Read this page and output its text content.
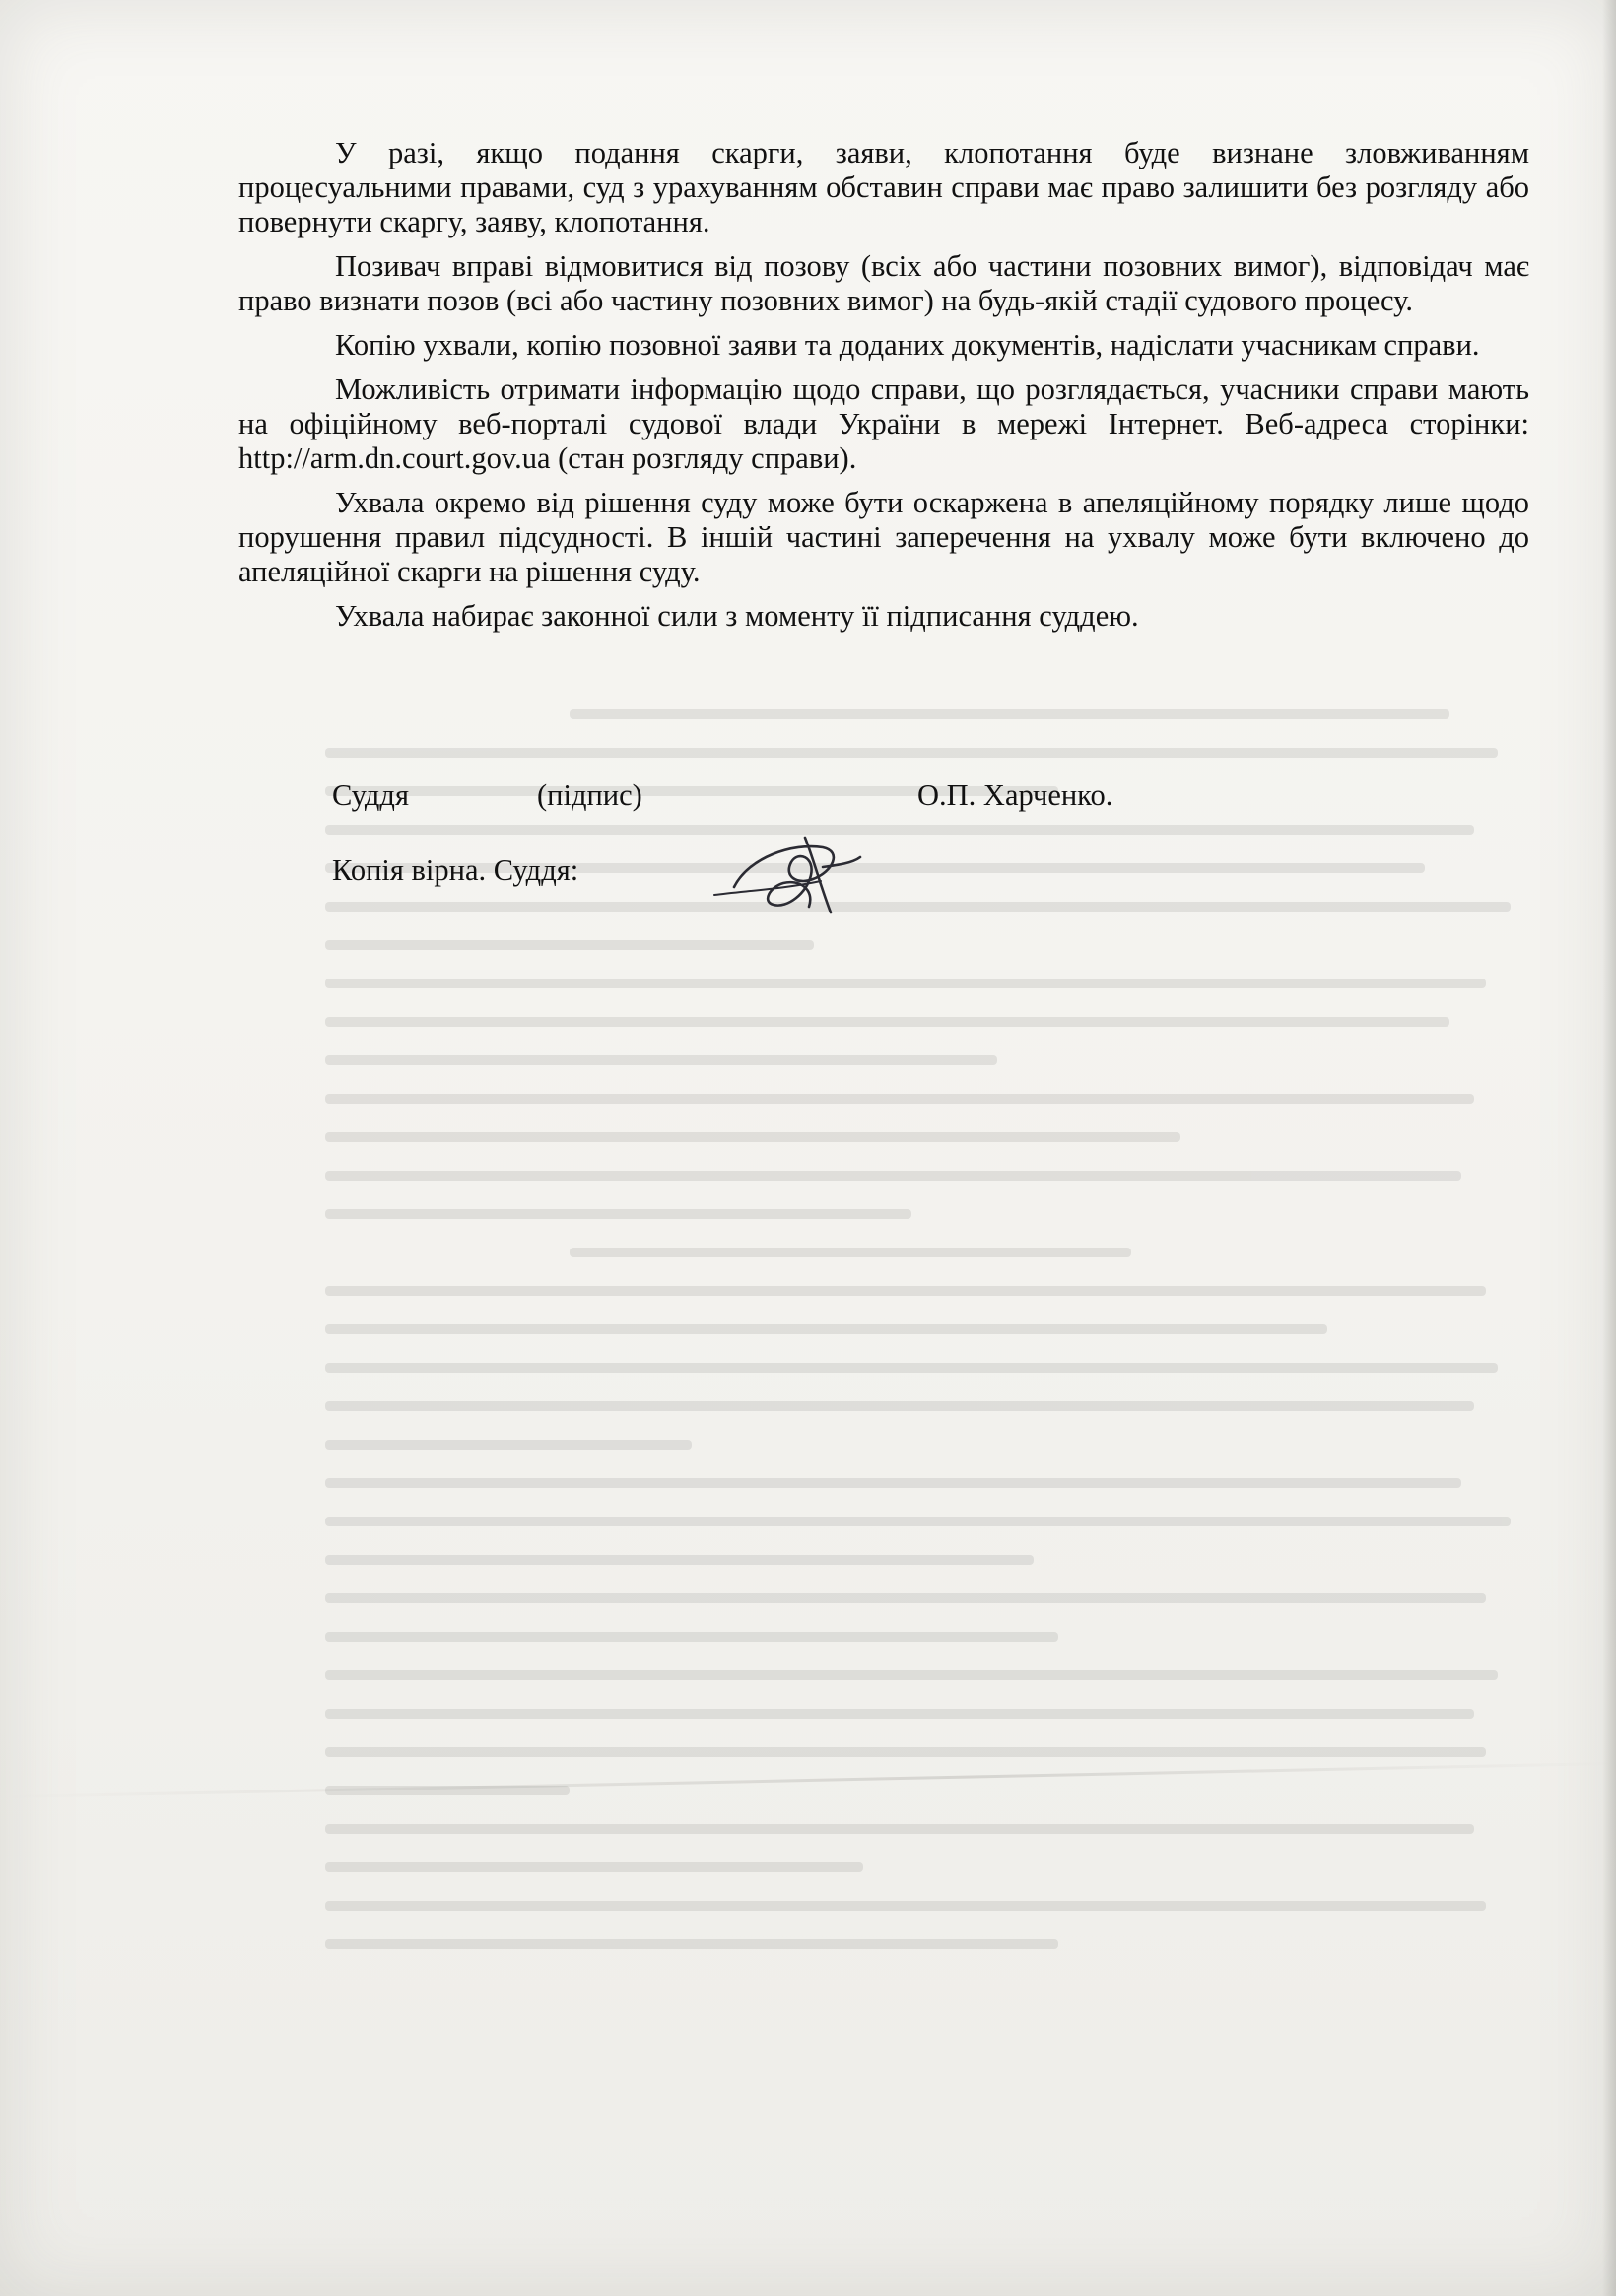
У разі, якщо подання скарги, заяви, клопотання буде визнане зловживанням процесуальними правами, суд з урахуванням обставин справи має право залишити без розгляду або повернути скаргу, заяву, клопотання.

Позивач вправі відмовитися від позову (всіх або частини позовних вимог), відповідач має право визнати позов (всі або частину позовних вимог) на будь-якій стадії судового процесу.

Копію ухвали, копію позовної заяви та доданих документів, надіслати учасникам справи.

Можливість отримати інформацію щодо справи, що розглядається, учасники справи мають на офіційному веб-порталі судової влади України в мережі Інтернет. Веб-адреса сторінки: http://arm.dn.court.gov.ua (стан розгляду справи).

Ухвала окремо від рішення суду може бути оскаржена в апеляційному порядку лише щодо порушення правил підсудності. В іншій частині заперечення на ухвалу може бути включено до апеляційної скарги на рішення суду.

Ухвала набирає законної сили з моменту її підписання суддею.

Суддя	(підпис)	О.П. Харченко.
Копія вірна. Суддя:
